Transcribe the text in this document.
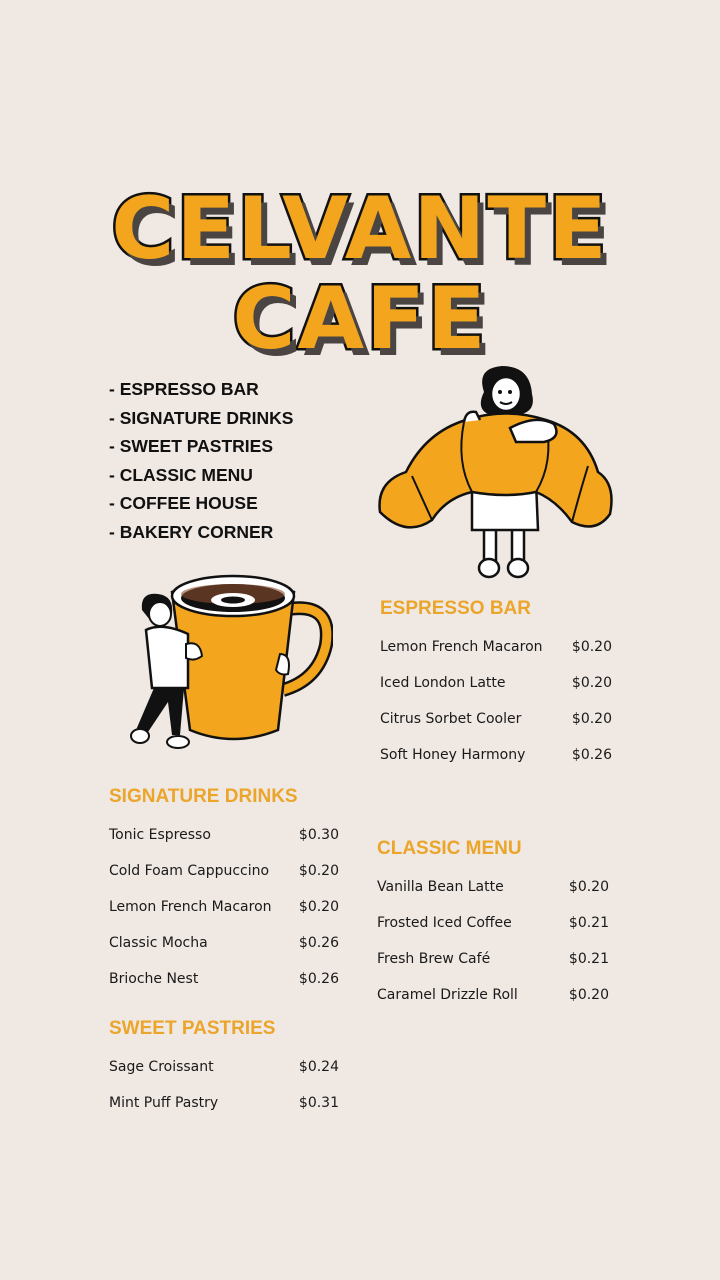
CELVANTE
CAFE
- ESPRESSO BAR
- SIGNATURE DRINKS
- SWEET PASTRIES
- CLASSIC MENU
- COFFEE HOUSE
- BAKERY CORNER
ESPRESSO BAR
Lemon French Macaron $0.20
Iced London Latte	$0.20
Citrus Sorbet Cooler	$0.20
Soft Honey Harmony	$0.26
SIGNATURE DRINKS
Tonic Espresso	$0.30
Cold Foam Cappuccino $0.20
Lemon French Macaron $0.20
Classic Mocha	$0.26
Brioche Nest	$0.26
CLASSIC MENU
Vanilla Bean Latte	$0.20
Frosted Iced Coffee	$0.21
Fresh Brew Café	$0.21
Caramel Drizzle Roll	$0.20
SWEET PASTRIES
Sage Croissant	$0.24
Mint Puff Pastry	$0.31
